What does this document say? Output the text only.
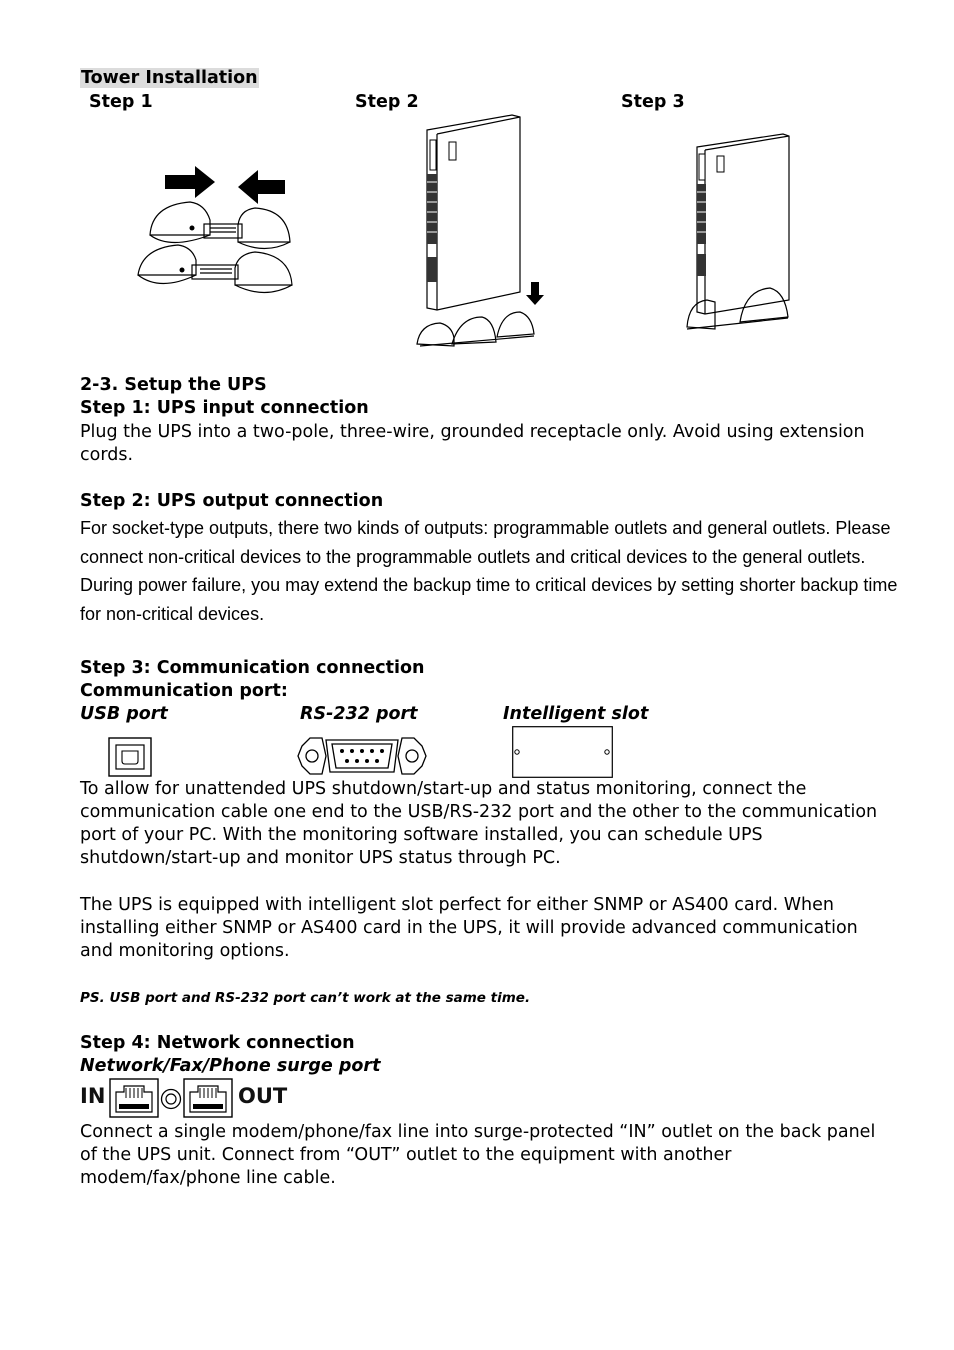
Tower Installation
Step 1	Step 2	Step 3
2-3. Setup the UPS
Step 1: UPS input connection
Plug the UPS into a two-pole, three-wire, grounded receptacle only. Avoid using extension cords.
Step 2: UPS output connection
For socket-type outputs, there two kinds of outputs: programmable outlets and general outlets. Please connect non-critical devices to the programmable outlets and critical devices to the general outlets. During power failure, you may extend the backup time to critical devices by setting shorter backup time for non-critical devices.
Step 3: Communication connection
Communication port:
USB port	RS-232 port	Intelligent slot
To allow for unattended UPS shutdown/start-up and status monitoring, connect the communication cable one end to the USB/RS-232 port and the other to the communication port of your PC. With the monitoring software installed, you can schedule UPS shutdown/start-up and monitor UPS status through PC.
The UPS is equipped with intelligent slot perfect for either SNMP or AS400 card. When installing either SNMP or AS400 card in the UPS, it will provide advanced communication and monitoring options.
PS. USB port and RS-232 port can’t work at the same time.
Step 4: Network connection
Network/Fax/Phone surge port
IN	OUT
Connect a single modem/phone/fax line into surge-protected “IN” outlet on the back panel of the UPS unit. Connect from “OUT” outlet to the equipment with another modem/fax/phone line cable.
